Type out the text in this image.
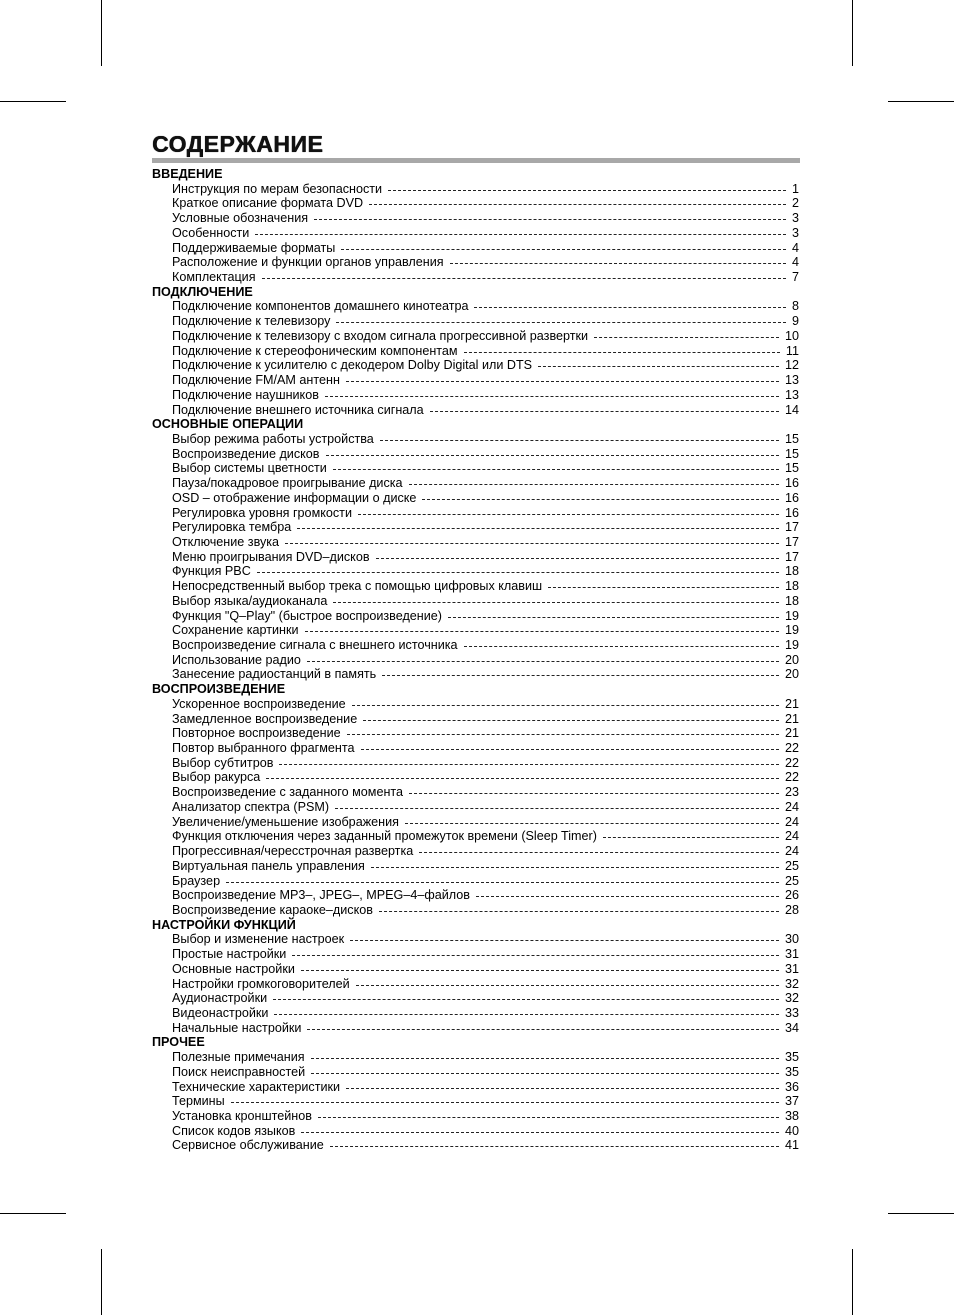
СОДЕРЖАНИЕ
ВВЕДЕНИЕ
Инструкция по мерам безопасности	1
Краткое описание формата DVD	2
Условные обозначения	3
Особенности	3
Поддерживаемые форматы	4
Расположение и функции органов управления	4
Комплектация	7
ПОДКЛЮЧЕНИЕ
Подключение компонентов домашнего кинотеатра	8
Подключение к телевизору	9
Подключение к телевизору с входом сигнала прогрессивной развертки	10
Подключение к стереофоническим компонентам	11
Подключение к усилителю с декодером Dolby Digital или DTS	12
Подключение FM/AM антенн	13
Подключение наушников	13
Подключение внешнего источника сигнала	14
ОСНОВНЫЕ ОПЕРАЦИИ
Выбор режима работы устройства	15
Воспроизведение дисков	15
Выбор системы цветности	15
Пауза/покадровое проигрывание диска	16
OSD – отображение информации о диске	16
Регулировка уровня громкости	16
Регулировка тембра	17
Отключение звука	17
Меню проигрывания DVD–дисков	17
Функция PBC	18
Непосредственный выбор трека с помощью цифровых клавиш	18
Выбор языка/аудиоканала	18
Функция "Q–Play" (быстрое воспроизведение)	19
Сохранение картинки	19
Воспроизведение сигнала с внешнего источника	19
Использование радио	20
Занесение радиостанций в память	20
ВОСПРОИЗВЕДЕНИЕ
Ускоренное воспроизведение	21
Замедленное воспроизведение	21
Повторное воспроизведение	21
Повтор выбранного фрагмента	22
Выбор субтитров	22
Выбор ракурса	22
Воспроизведение с заданного момента	23
Анализатор спектра (PSM)	24
Увеличение/уменьшение изображения	24
Функция отключения через заданный промежуток времени (Sleep Timer)	24
Прогрессивная/чересстрочная развертка	24
Виртуальная панель управления	25
Браузер	25
Воспроизведение MP3–, JPEG–, MPEG–4–файлов	26
Воспроизведение караоке–дисков	28
НАСТРОЙКИ ФУНКЦИЙ
Выбор и изменение настроек	30
Простые настройки	31
Основные настройки	31
Настройки громкоговорителей	32
Аудионастройки	32
Видеонастройки	33
Начальные настройки	34
ПРОЧЕЕ
Полезные примечания	35
Поиск неисправностей	35
Технические характеристики	36
Термины	37
Установка кронштейнов	38
Список кодов языков	40
Сервисное обслуживание	41
